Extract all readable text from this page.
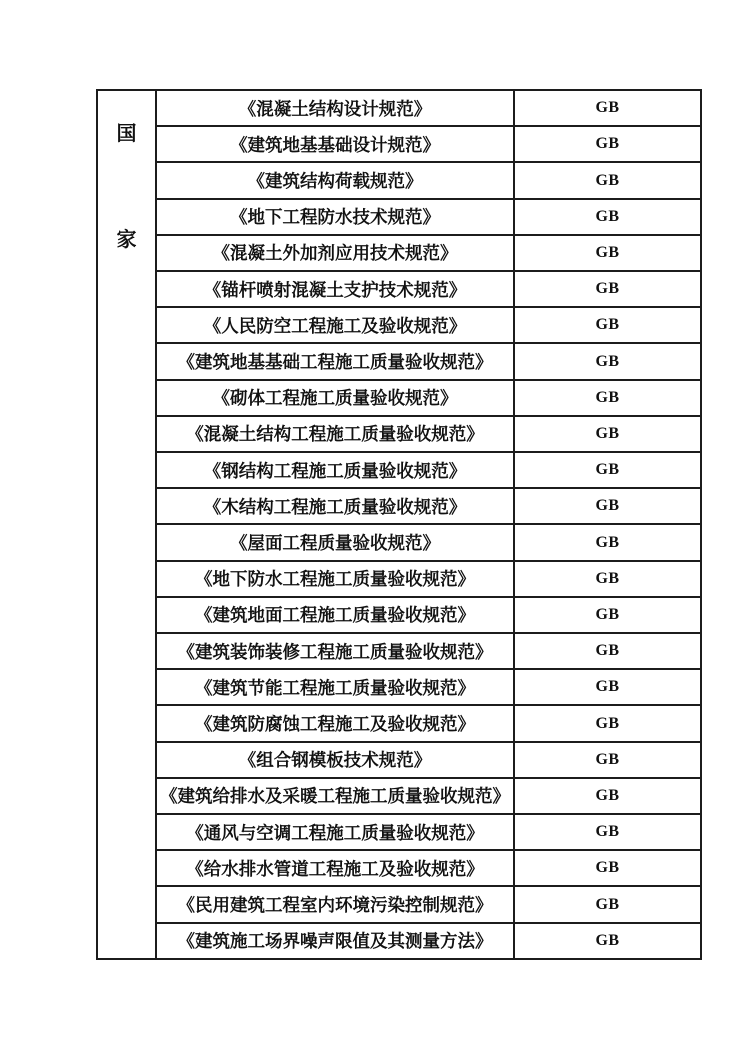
国
家
《混凝土结构设计规范》	GB
《建筑地基基础设计规范》	GB
《建筑结构荷载规范》	GB
《地下工程防水技术规范》	GB
《混凝土外加剂应用技术规范》	GB
《锚杆喷射混凝土支护技术规范》	GB
《人民防空工程施工及验收规范》	GB
《建筑地基基础工程施工质量验收规范》	GB
《砌体工程施工质量验收规范》	GB
《混凝土结构工程施工质量验收规范》	GB
《钢结构工程施工质量验收规范》	GB
《木结构工程施工质量验收规范》	GB
《屋面工程质量验收规范》	GB
《地下防水工程施工质量验收规范》	GB
《建筑地面工程施工质量验收规范》	GB
《建筑装饰装修工程施工质量验收规范》	GB
《建筑节能工程施工质量验收规范》	GB
《建筑防腐蚀工程施工及验收规范》	GB
《组合钢模板技术规范》	GB
《建筑给排水及采暖工程施工质量验收规范》	GB
《通风与空调工程施工质量验收规范》	GB
《给水排水管道工程施工及验收规范》	GB
《民用建筑工程室内环境污染控制规范》	GB
《建筑施工场界噪声限值及其测量方法》	GB
